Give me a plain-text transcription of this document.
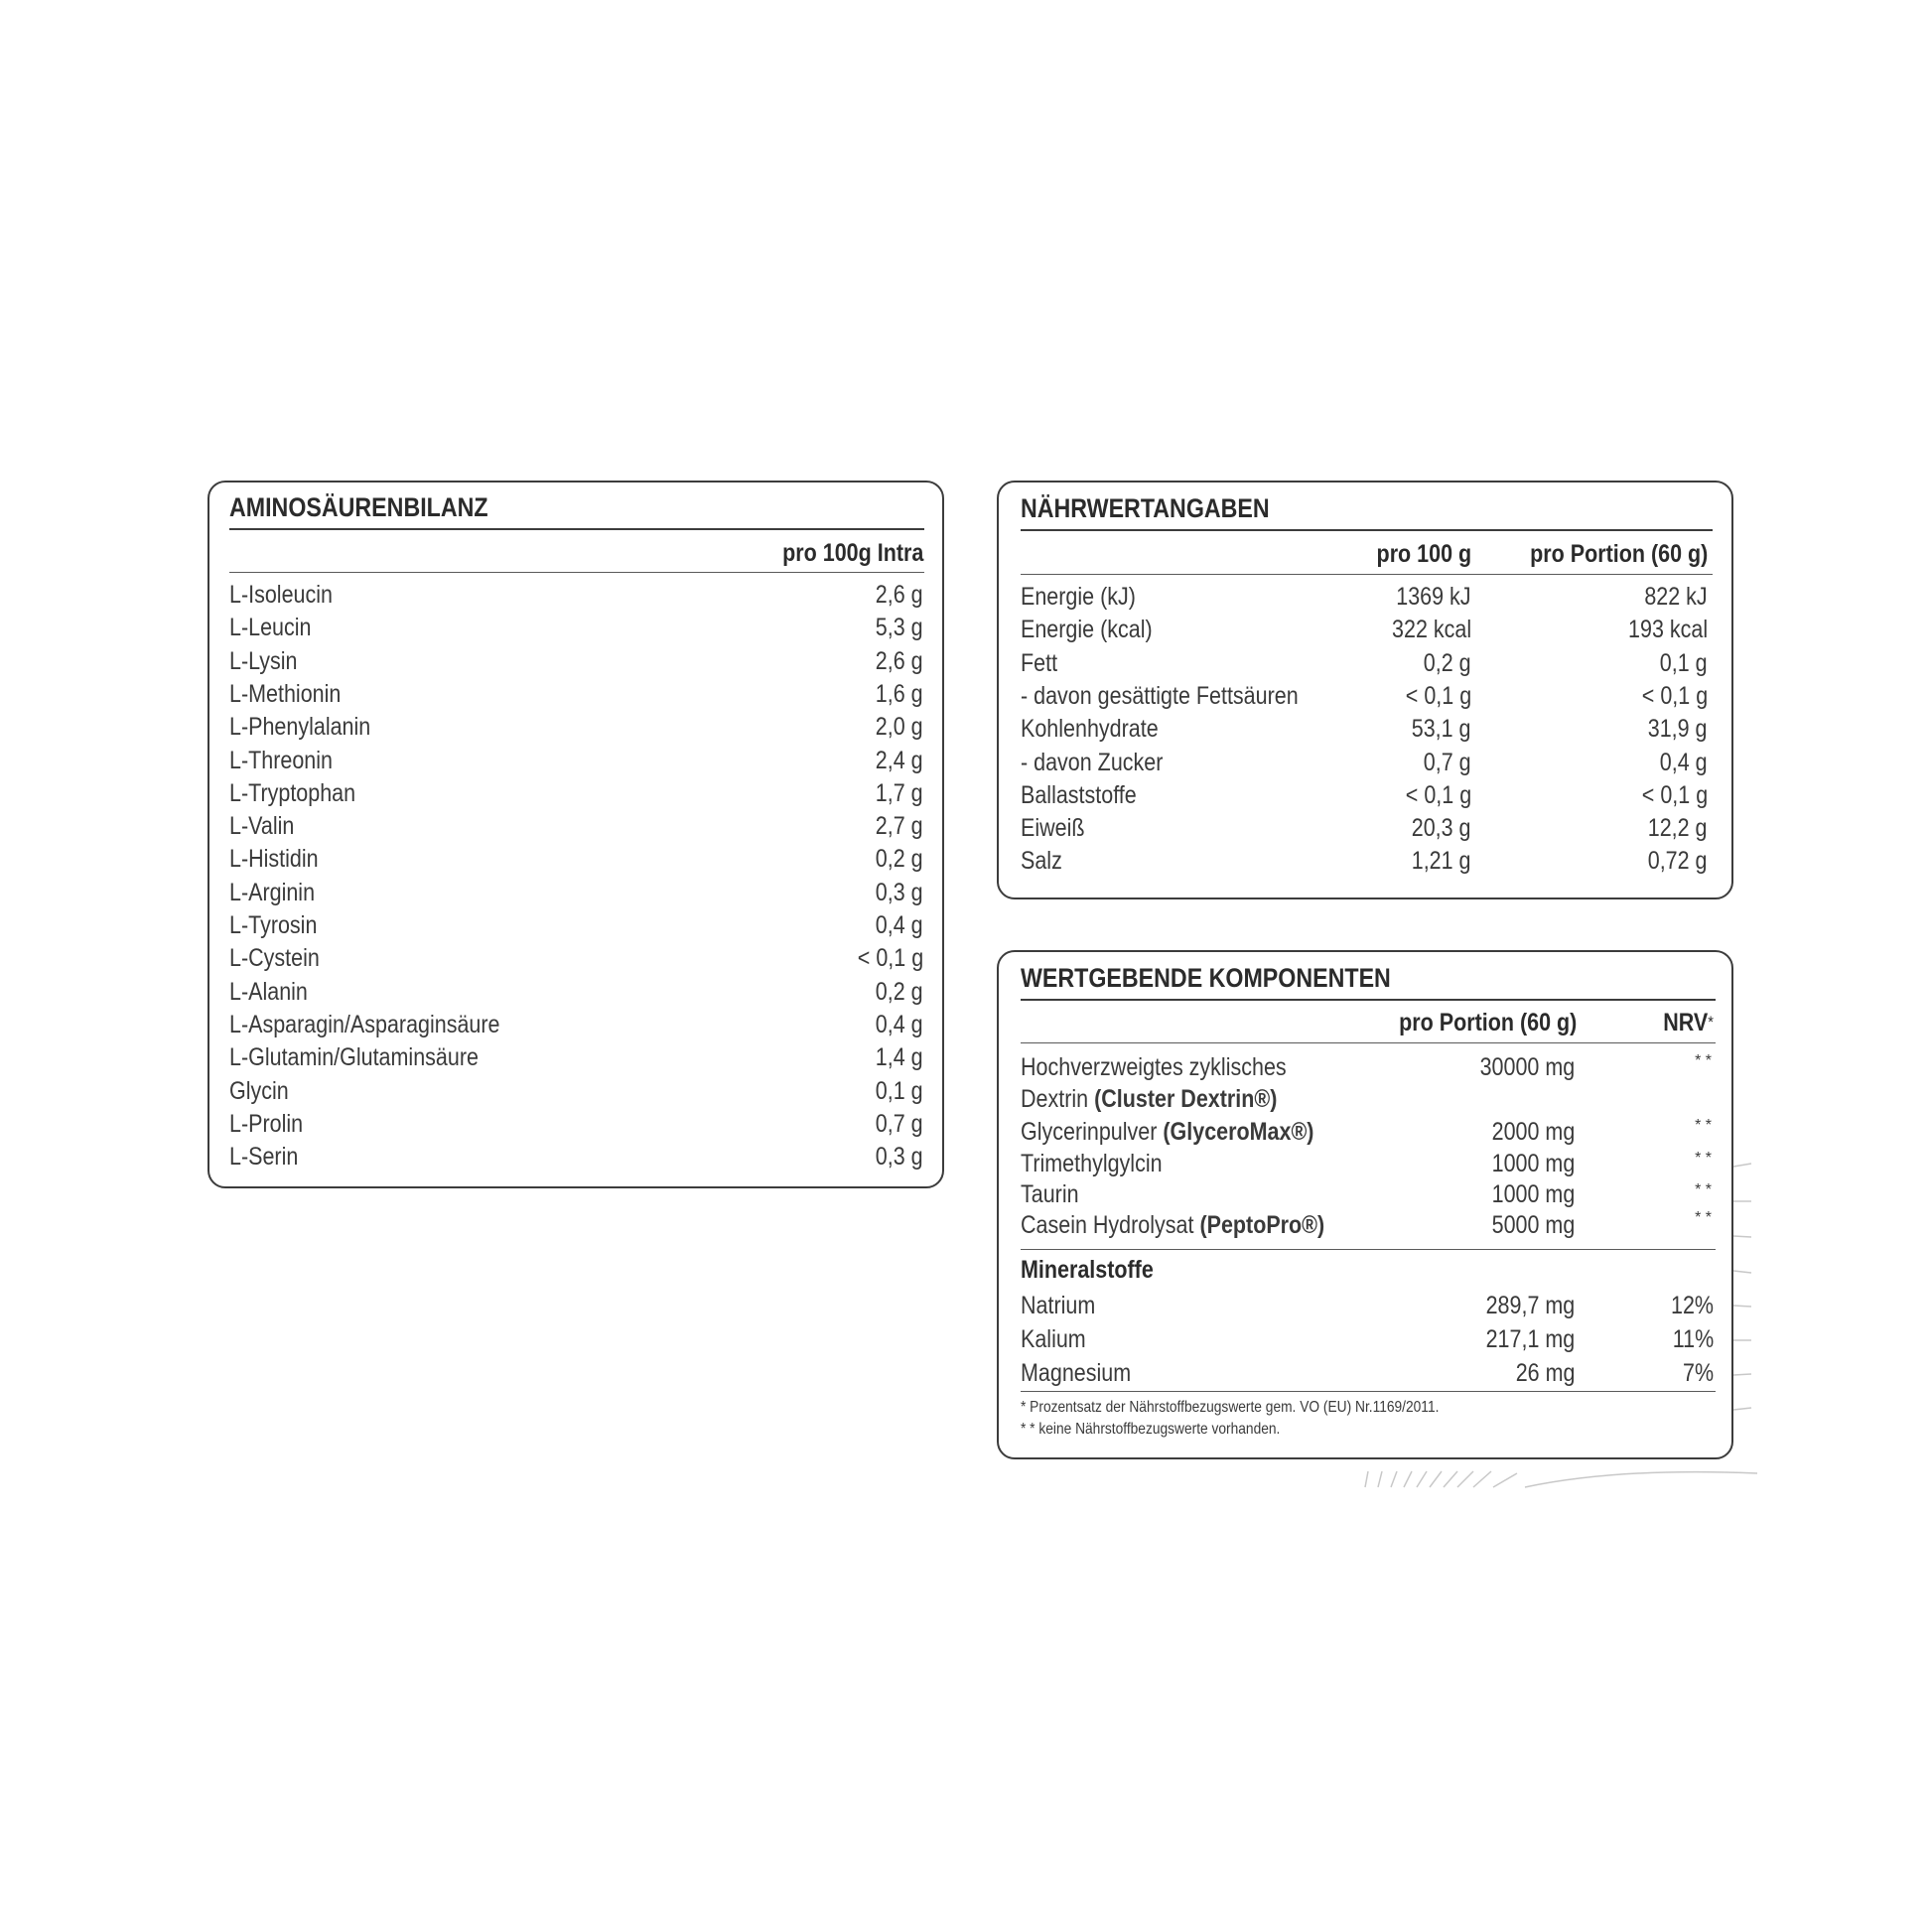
AMINOSÄURENBILANZ
pro 100g Intra
L-Isoleucin	2,6 g
L-Leucin	5,3 g
L-Lysin	2,6 g
L-Methionin	1,6 g
L-Phenylalanin	2,0 g
L-Threonin	2,4 g
L-Tryptophan	1,7 g
L-Valin	2,7 g
L-Histidin	0,2 g
L-Arginin	0,3 g
L-Tyrosin	0,4 g
L-Cystein	< 0,1 g
L-Alanin	0,2 g
L-Asparagin/Asparaginsäure	0,4 g
L-Glutamin/Glutaminsäure	1,4 g
Glycin	0,1 g
L-Prolin	0,7 g
L-Serin	0,3 g
NÄHRWERTANGABEN
pro 100 g pro Portion (60 g)
Energie (kJ)	1369 kJ	822 kJ
Energie (kcal)	322 kcal	193 kcal
Fett	0,2 g	0,1 g
- davon gesättigte Fettsäuren	< 0,1 g	< 0,1 g
Kohlenhydrate	53,1 g	31,9 g
- davon Zucker	0,7 g	0,4 g
Ballaststoffe	< 0,1 g	< 0,1 g
Eiweiß	20,3 g	12,2 g
Salz	1,21 g	0,72 g
WERTGEBENDE KOMPONENTEN
pro Portion (60 g)	NRV*
Hochverzweigtes zyklisches
Dextrin (Cluster Dextrin®)
30000 mg	* *
Glycerinpulver (GlyceroMax®)	2000 mg	* *
Trimethylgylcin	1000 mg	* *
Taurin	1000 mg	* *
Casein Hydrolysat (PeptoPro®)	5000 mg	* *
Mineralstoffe
Natrium	289,7 mg	12%
Kalium	217,1 mg	11%
Magnesium	26 mg	7%
* Prozentsatz der Nährstoffbezugswerte gem. VO (EU) Nr.1169/2011.
* * keine Nährstoffbezugswerte vorhanden.
